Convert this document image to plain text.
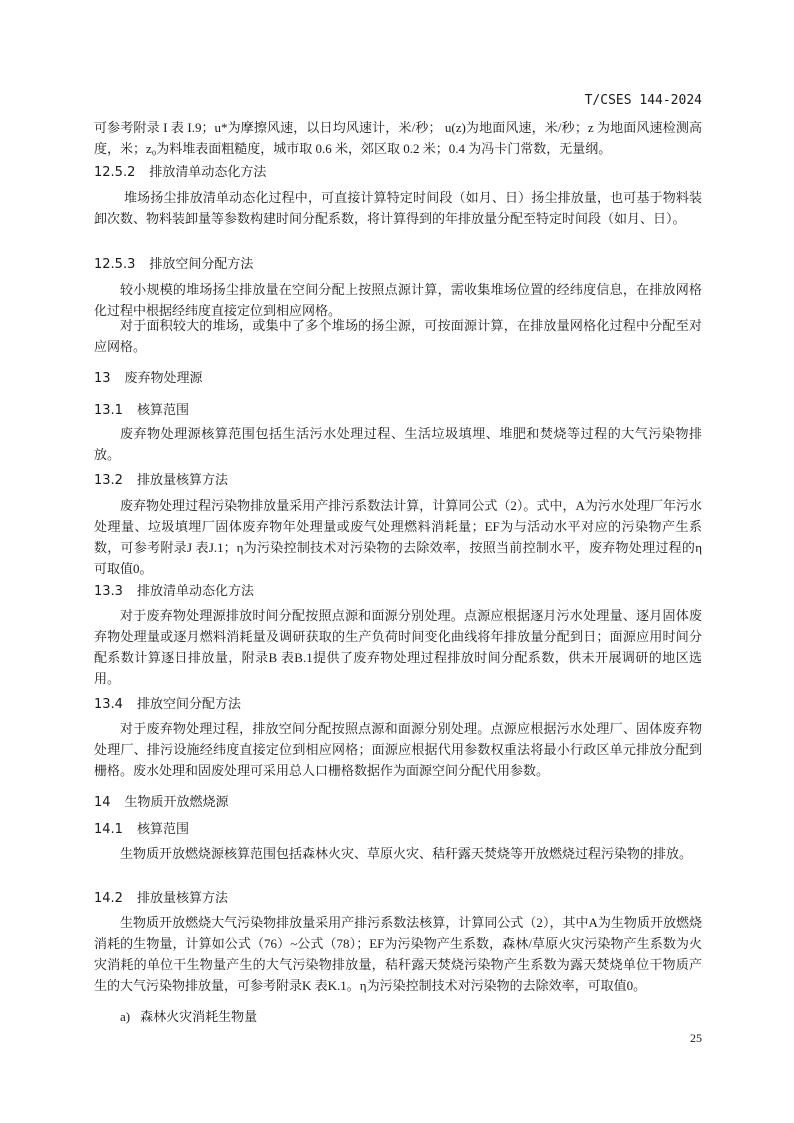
T/CSES 144-2024
可参考附录 I 表 I.9；u*为摩擦风速，以日均风速计，米/秒； u(z)为地面风速，米/秒；z 为地面风速检测高度，米；z₀为料堆表面粗糙度，城市取 0.6 米，郊区取 0.2 米；0.4 为冯卡门常数，无量纲。
12.5.2 排放清单动态化方法
堆场扬尘排放清单动态化过程中，可直接计算特定时间段（如月、日）扬尘排放量，也可基于物料装卸次数、物料装卸量等参数构建时间分配系数，将计算得到的年排放量分配至特定时间段（如月、日）。
12.5.3 排放空间分配方法
较小规模的堆场扬尘排放量在空间分配上按照点源计算，需收集堆场位置的经纬度信息，在排放网格化过程中根据经纬度直接定位到相应网格。
对于面积较大的堆场，或集中了多个堆场的扬尘源，可按面源计算，在排放量网格化过程中分配至对应网格。
13 废弃物处理源
13.1 核算范围
废弃物处理源核算范围包括生活污水处理过程、生活垃圾填埋、堆肥和焚烧等过程的大气污染物排放。
13.2 排放量核算方法
废弃物处理过程污染物排放量采用产排污系数法计算，计算同公式（2）。式中，A为污水处理厂年污水处理量、垃圾填埋厂固体废弃物年处理量或废气处理燃料消耗量；EF为与活动水平对应的污染物产生系数，可参考附录J 表J.1；η为污染控制技术对污染物的去除效率，按照当前控制水平，废弃物处理过程的η可取值0。
13.3 排放清单动态化方法
对于废弃物处理源排放时间分配按照点源和面源分别处理。点源应根据逐月污水处理量、逐月固体废弃物处理量或逐月燃料消耗量及调研获取的生产负荷时间变化曲线将年排放量分配到日；面源应用时间分配系数计算逐日排放量，附录B 表B.1提供了废弃物处理过程排放时间分配系数，供未开展调研的地区选用。
13.4 排放空间分配方法
对于废弃物处理过程，排放空间分配按照点源和面源分别处理。点源应根据污水处理厂、固体废弃物处理厂、排污设施经纬度直接定位到相应网格；面源应根据代用参数权重法将最小行政区单元排放分配到栅格。废水处理和固废处理可采用总人口栅格数据作为面源空间分配代用参数。
14 生物质开放燃烧源
14.1 核算范围
生物质开放燃烧源核算范围包括森林火灾、草原火灾、秸秆露天焚烧等开放燃烧过程污染物的排放。
14.2 排放量核算方法
生物质开放燃烧大气污染物排放量采用产排污系数法核算，计算同公式（2），其中A为生物质开放燃烧消耗的生物量，计算如公式（76）~公式（78）；EF为污染物产生系数，森林/草原火灾污染物产生系数为火灾消耗的单位干生物量产生的大气污染物排放量，秸秆露天焚烧污染物产生系数为露天焚烧单位干物质产生的大气污染物排放量，可参考附录K 表K.1。η为污染控制技术对污染物的去除效率，可取值0。
a) 森林火灾消耗生物量
25
